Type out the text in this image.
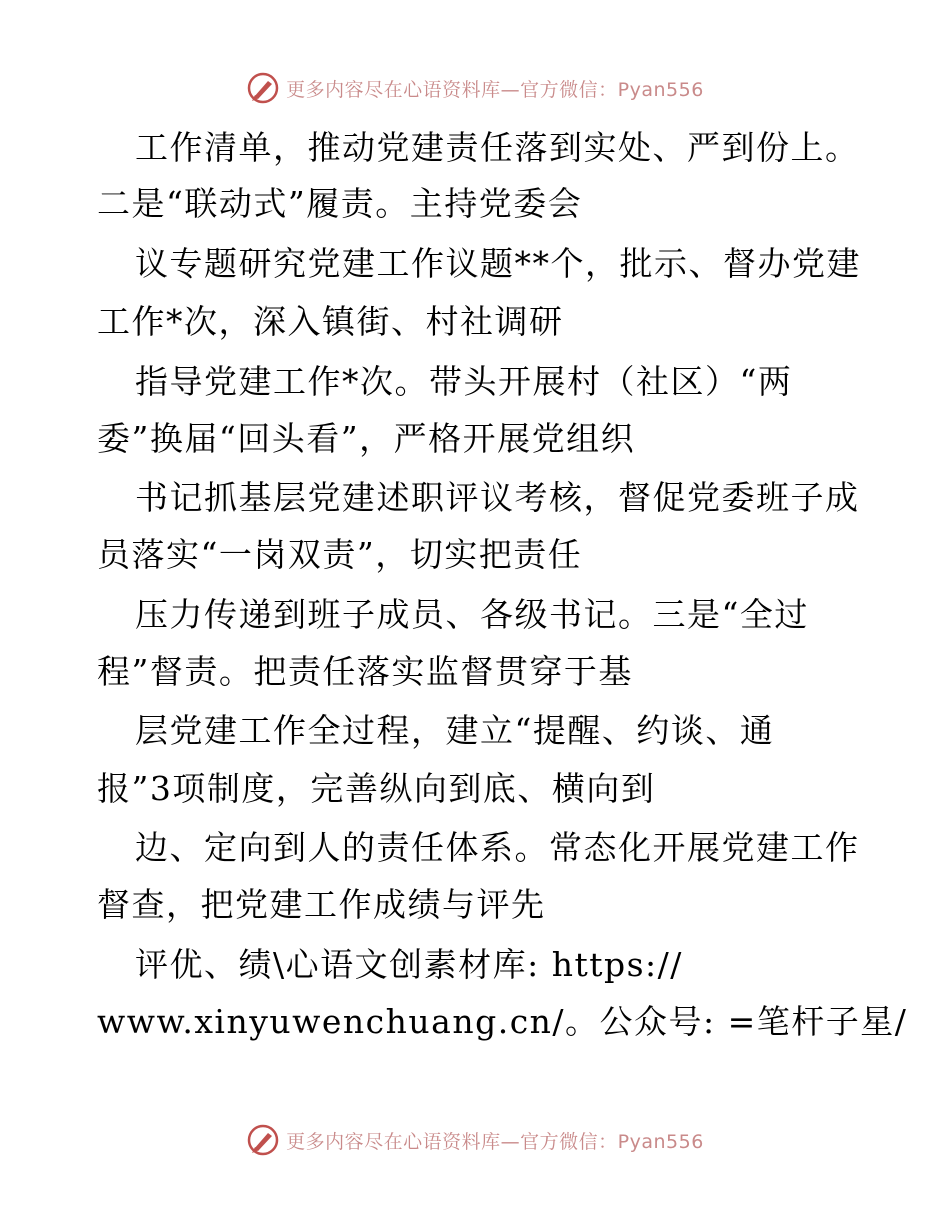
更多内容尽在心语资料库—官方微信：Pyan556
工作清单，推动党建责任落到实处、严到份上。
二是“联动式”履责。主持党委会
议专题研究党建工作议题**个，批示、督办党建
工作*次，深入镇街、村社调研
指导党建工作*次。带头开展村（社区）“两
委”换届“回头看”，严格开展党组织
书记抓基层党建述职评议考核，督促党委班子成
员落实“一岗双责”，切实把责任
压力传递到班子成员、各级书记。三是“全过
程”督责。把责任落实监督贯穿于基
层党建工作全过程，建立“提醒、约谈、通
报”3项制度，完善纵向到底、横向到
边、定向到人的责任体系。常态化开展党建工作
督查，把党建工作成绩与评先
评优、绩\心语文创素材库: https://
www.xinyuwenchuang.cn/。公众号: =笔杆子星/
更多内容尽在心语资料库—官方微信：Pyan556
